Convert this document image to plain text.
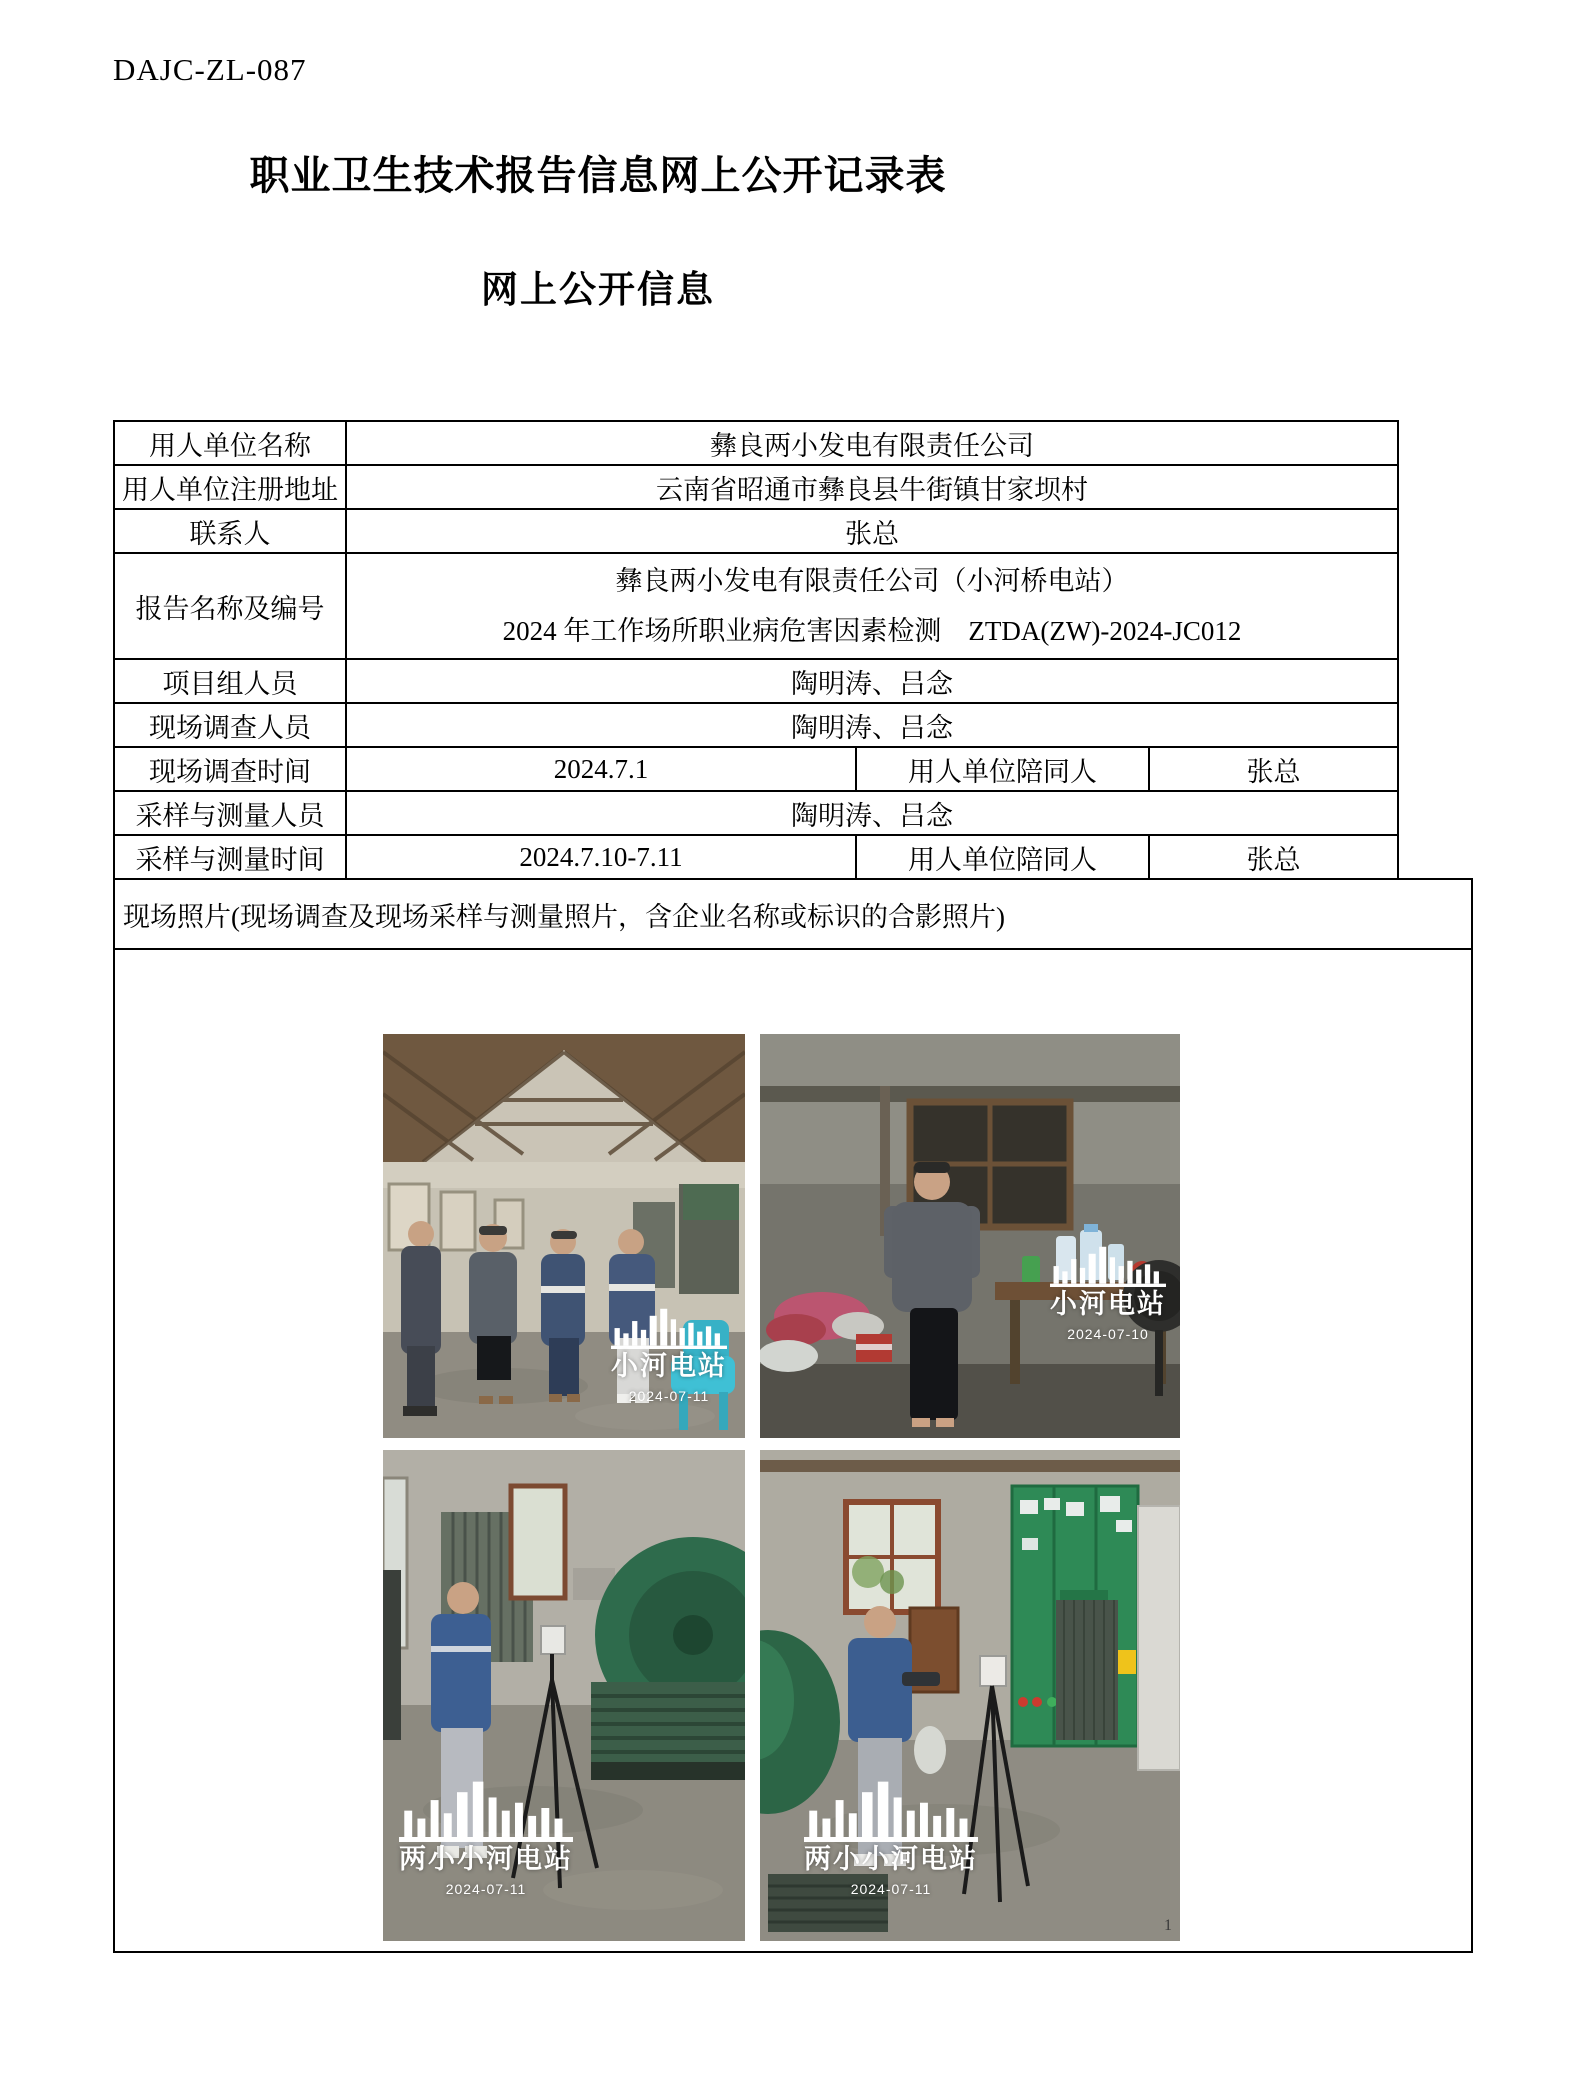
DAJC-ZL-087
职业卫生技术报告信息网上公开记录表
网上公开信息
用人单位名称	彝良两小发电有限责任公司		
用人单位注册地址	云南省昭通市彝良县牛街镇甘家坝村		
联系人	张总		
报告名称及编号	彝良两小发电有限责任公司（小河桥电站）
2024 年工作场所职业病危害因素检测　ZTDA(ZW)-2024-JC012		

项目组人员	陶明涛、吕念		
现场调查人员	陶明涛、吕念		
现场调查时间	2024.7.1	用人单位陪同人	张总
采样与测量人员	陶明涛、吕念		
采样与测量时间	2024.7.10-7.11	用人单位陪同人	张总
现场照片(现场调查及现场采样与测量照片，含企业名称或标识的合影照片)
小河电站
2024-07-11
小河电站
2024-07-10
两小小河电站
2024-07-11
两小小河电站
2024-07-11
1
